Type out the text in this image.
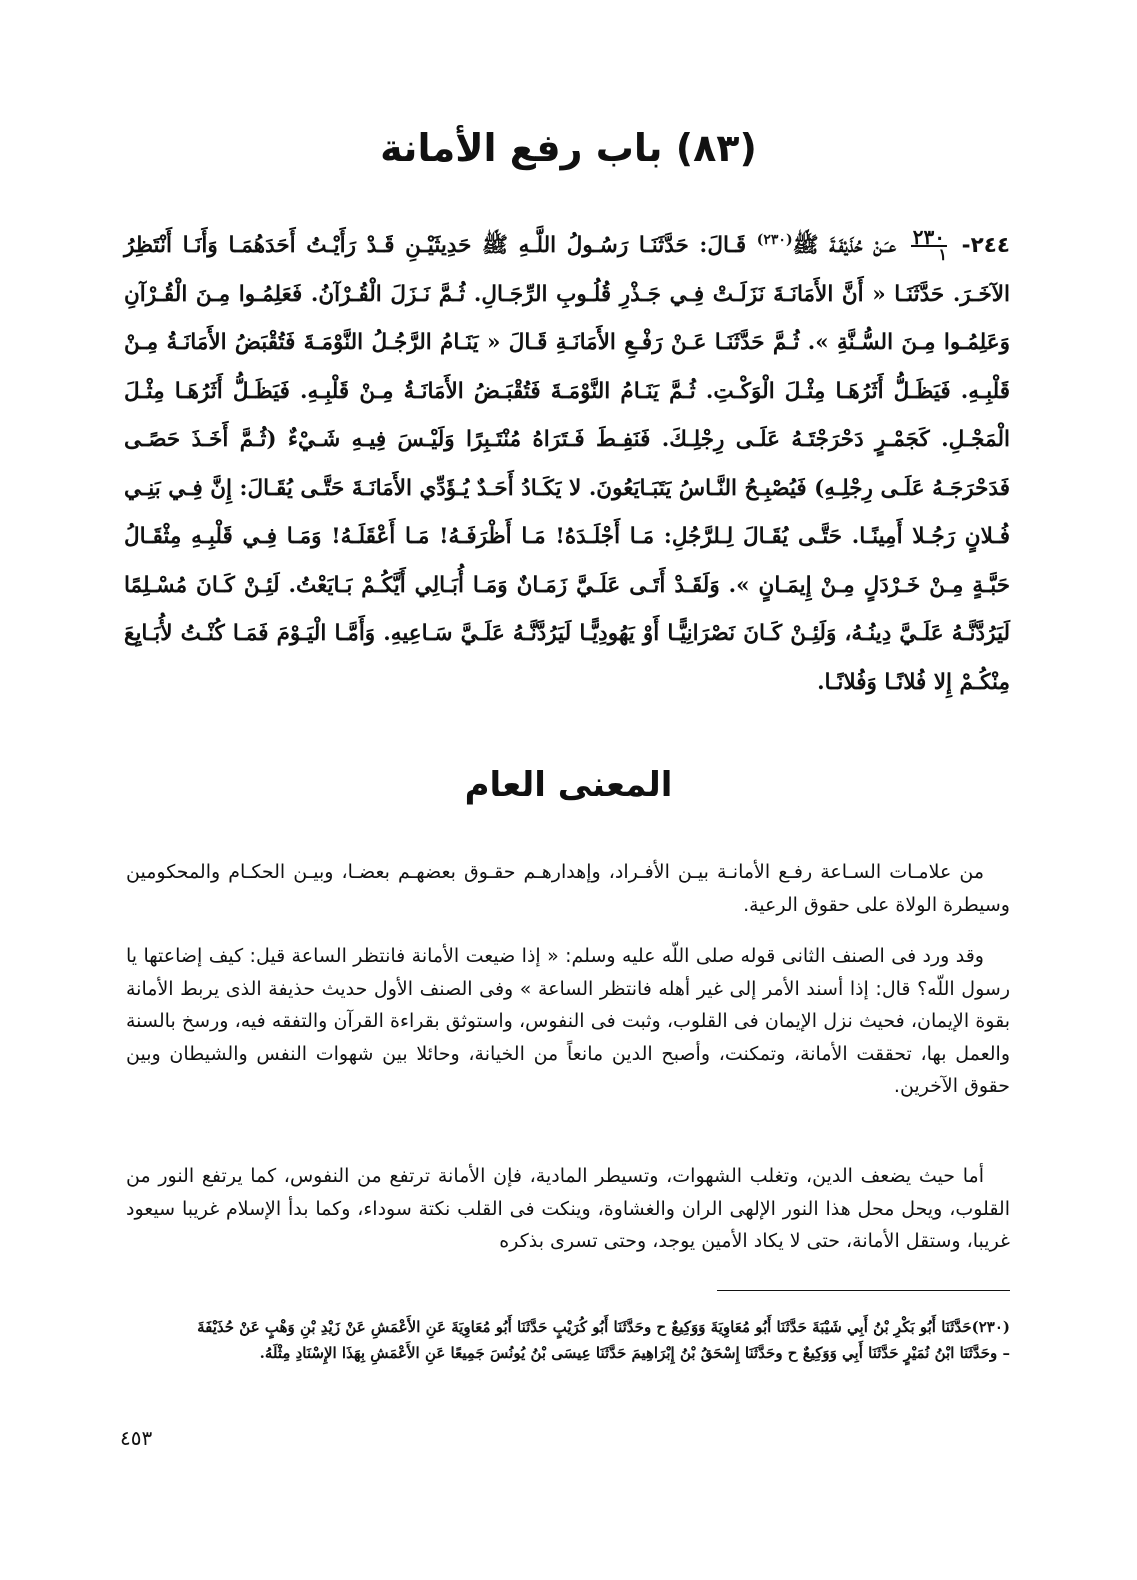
(٨٣) باب رفع الأمانة

٢٤٤-
$\frac{٢٣٠}{١}$
عـَـنْ حُذَيْفَـةَ ﷺ$^{(٢٣٠)}$ قَـالَ: حَدَّثَنَـا رَسُـولُ اللَّـهِ ﷺ حَدِيثَيْـنِ قَـدْ رَأَيْـتُ أَحَدَهُمَـا وَأَنَـا أَنْتَظِرُ الآخَـرَ. حَدَّثَنَـا « أَنَّ الأَمَانَـةَ نَزَلَـتْ فِـي جَـذْرِ قُلُـوبِ الرِّجَـالِ. ثُـمَّ نَـزَلَ الْقُـرْآنُ. فَعَلِمُـوا مِـنَ الْقُـرْآنِ وَعَلِمُـوا مِـنَ السُّـنَّةِ ». ثُـمَّ حَدَّثَنَـا عَـنْ رَفْـعِ الأَمَانَـةِ قَـالَ « يَنَـامُ الرَّجُـلُ النَّوْمَـةَ فَتُقْبَضُ الأَمَانَـةُ مِـنْ قَلْبِـهِ. فَيَظَـلُّ أَثَرُهَـا مِثْـلَ الْوَكْـتِ. ثُـمَّ يَنَـامُ النَّوْمَـةَ فَتُقْبَـضُ الأَمَانَـةُ مِـنْ قَلْبِـهِ. فَيَظَـلُّ أَثَرُهَـا مِثْـلَ الْمَجْـلِ. كَجَمْـرٍ دَحْرَجْتَـهُ عَلَـى رِجْلِـكَ. فَنَفِـطَ فَـتَرَاهُ مُنْتَـبِرًا وَلَيْـسَ فِيـهِ شَـيْءٌ (ثُـمَّ أَخَـذَ حَصًـى فَدَحْرَجَـهُ عَلَـى رِجْلِـهِ) فَيُصْبِـحُ النَّـاسُ يَتَبَـايَعُونَ. لا يَكَـادُ أَحَـدٌ يُـؤَدِّي الأَمَانَـةَ حَتَّـى يُقَـالَ: إِنَّ فِـي بَنِـي فُـلانٍ رَجُـلا أَمِينًـا. حَتَّـى يُقَـالَ لِـلرَّجُلِ: مَـا أَجْلَـدَهُ! مَـا أَظْرَفَـهُ! مَـا أَعْقَلَـهُ! وَمَـا فِـي قَلْبِـهِ مِثْقَـالُ حَبَّـةٍ مِـنْ خَـرْدَلٍ مِـنْ إِيمَـانٍ ». وَلَقَـدْ أَتَـى عَلَـيَّ زَمَـانٌ وَمَـا أُبَـالِي أَيَّكُـمْ بَـايَعْتُ. لَئِـنْ كَـانَ مُسْـلِمًا لَيَرُدَّنَّـهُ عَلَـيَّ دِينُـهُ، وَلَئِـنْ كَـانَ نَصْرَانِيًّـا أَوْ يَهُودِيًّـا لَيَرُدَّنَّـهُ عَلَـيَّ سَـاعِيهِ. وَأَمَّـا الْيَـوْمَ فَمَـا كُنْـتُ لأُبَـايِعَ مِنْكُـمْ إِلا فُلانًـا وَفُلانًـا.

المعنى العام

من علامـات السـاعة رفـع الأمانـة بيـن الأفـراد، وإهدارهـم حقـوق بعضهـم بعضـا، وبيـن الحكـام والمحكومين وسيطرة الولاة على حقوق الرعية.

وقد ورد فى الصنف الثانى قوله صلى اللّه عليه وسلم: « إذا ضيعت الأمانة فانتظر الساعة قيل: كيف إضاعتها يا رسول اللّه؟ قال: إذا أسند الأمر إلى غير أهله فانتظر الساعة » وفى الصنف الأول حديث حذيفة الذى يربط الأمانة بقوة الإيمان، فحيث نزل الإيمان فى القلوب، وثبت فى النفوس، واستوثق بقراءة القرآن والتفقه فيه، ورسخ بالسنة والعمل بها، تحققت الأمانة، وتمكنت، وأصبح الدين مانعاً من الخيانة، وحائلا بين شهوات النفس والشيطان وبين حقوق الآخرين.

أما حيث يضعف الدين، وتغلب الشهوات، وتسيطر المادية، فإن الأمانة ترتفع من النفوس، كما يرتفع النور من القلوب، ويحل محل هذا النور الإلهى الران والغشاوة، وينكت فى القلب نكتة سوداء، وكما بدأ الإسلام غريبا سيعود غريبا، وستقل الأمانة، حتى لا يكاد الأمين يوجد، وحتى تسرى بذكره

(٢٣٠)حَدَّثَنَا أَبُو بَكْرِ بْنُ أَبِي شَيْبَةَ حَدَّثَنَا أَبُو مُعَاوِيَةَ وَوَكِيعٌ ح وحَدَّثَنَا أَبُو كُرَيْبٍ حَدَّثَنَا أَبُو مُعَاوِيَةَ عَنِ الأَعْمَشِ عَنْ زَيْدِ بْنِ وَهْبٍ عَنْ حُذَيْفَةَ

– وحَدَّثَنَا ابْنُ نُمَيْرٍ حَدَّثَنَا أَبِي وَوَكِيعٌ ح وحَدَّثَنَا إِسْحَقُ بْنُ إِبْرَاهِيمَ حَدَّثَنَا عِيسَى بْنُ يُونُسَ جَمِيعًا عَنِ الأَعْمَشِ بِهَذَا الإِسْنَادِ مِثْلَهُ.

٤٥٣
